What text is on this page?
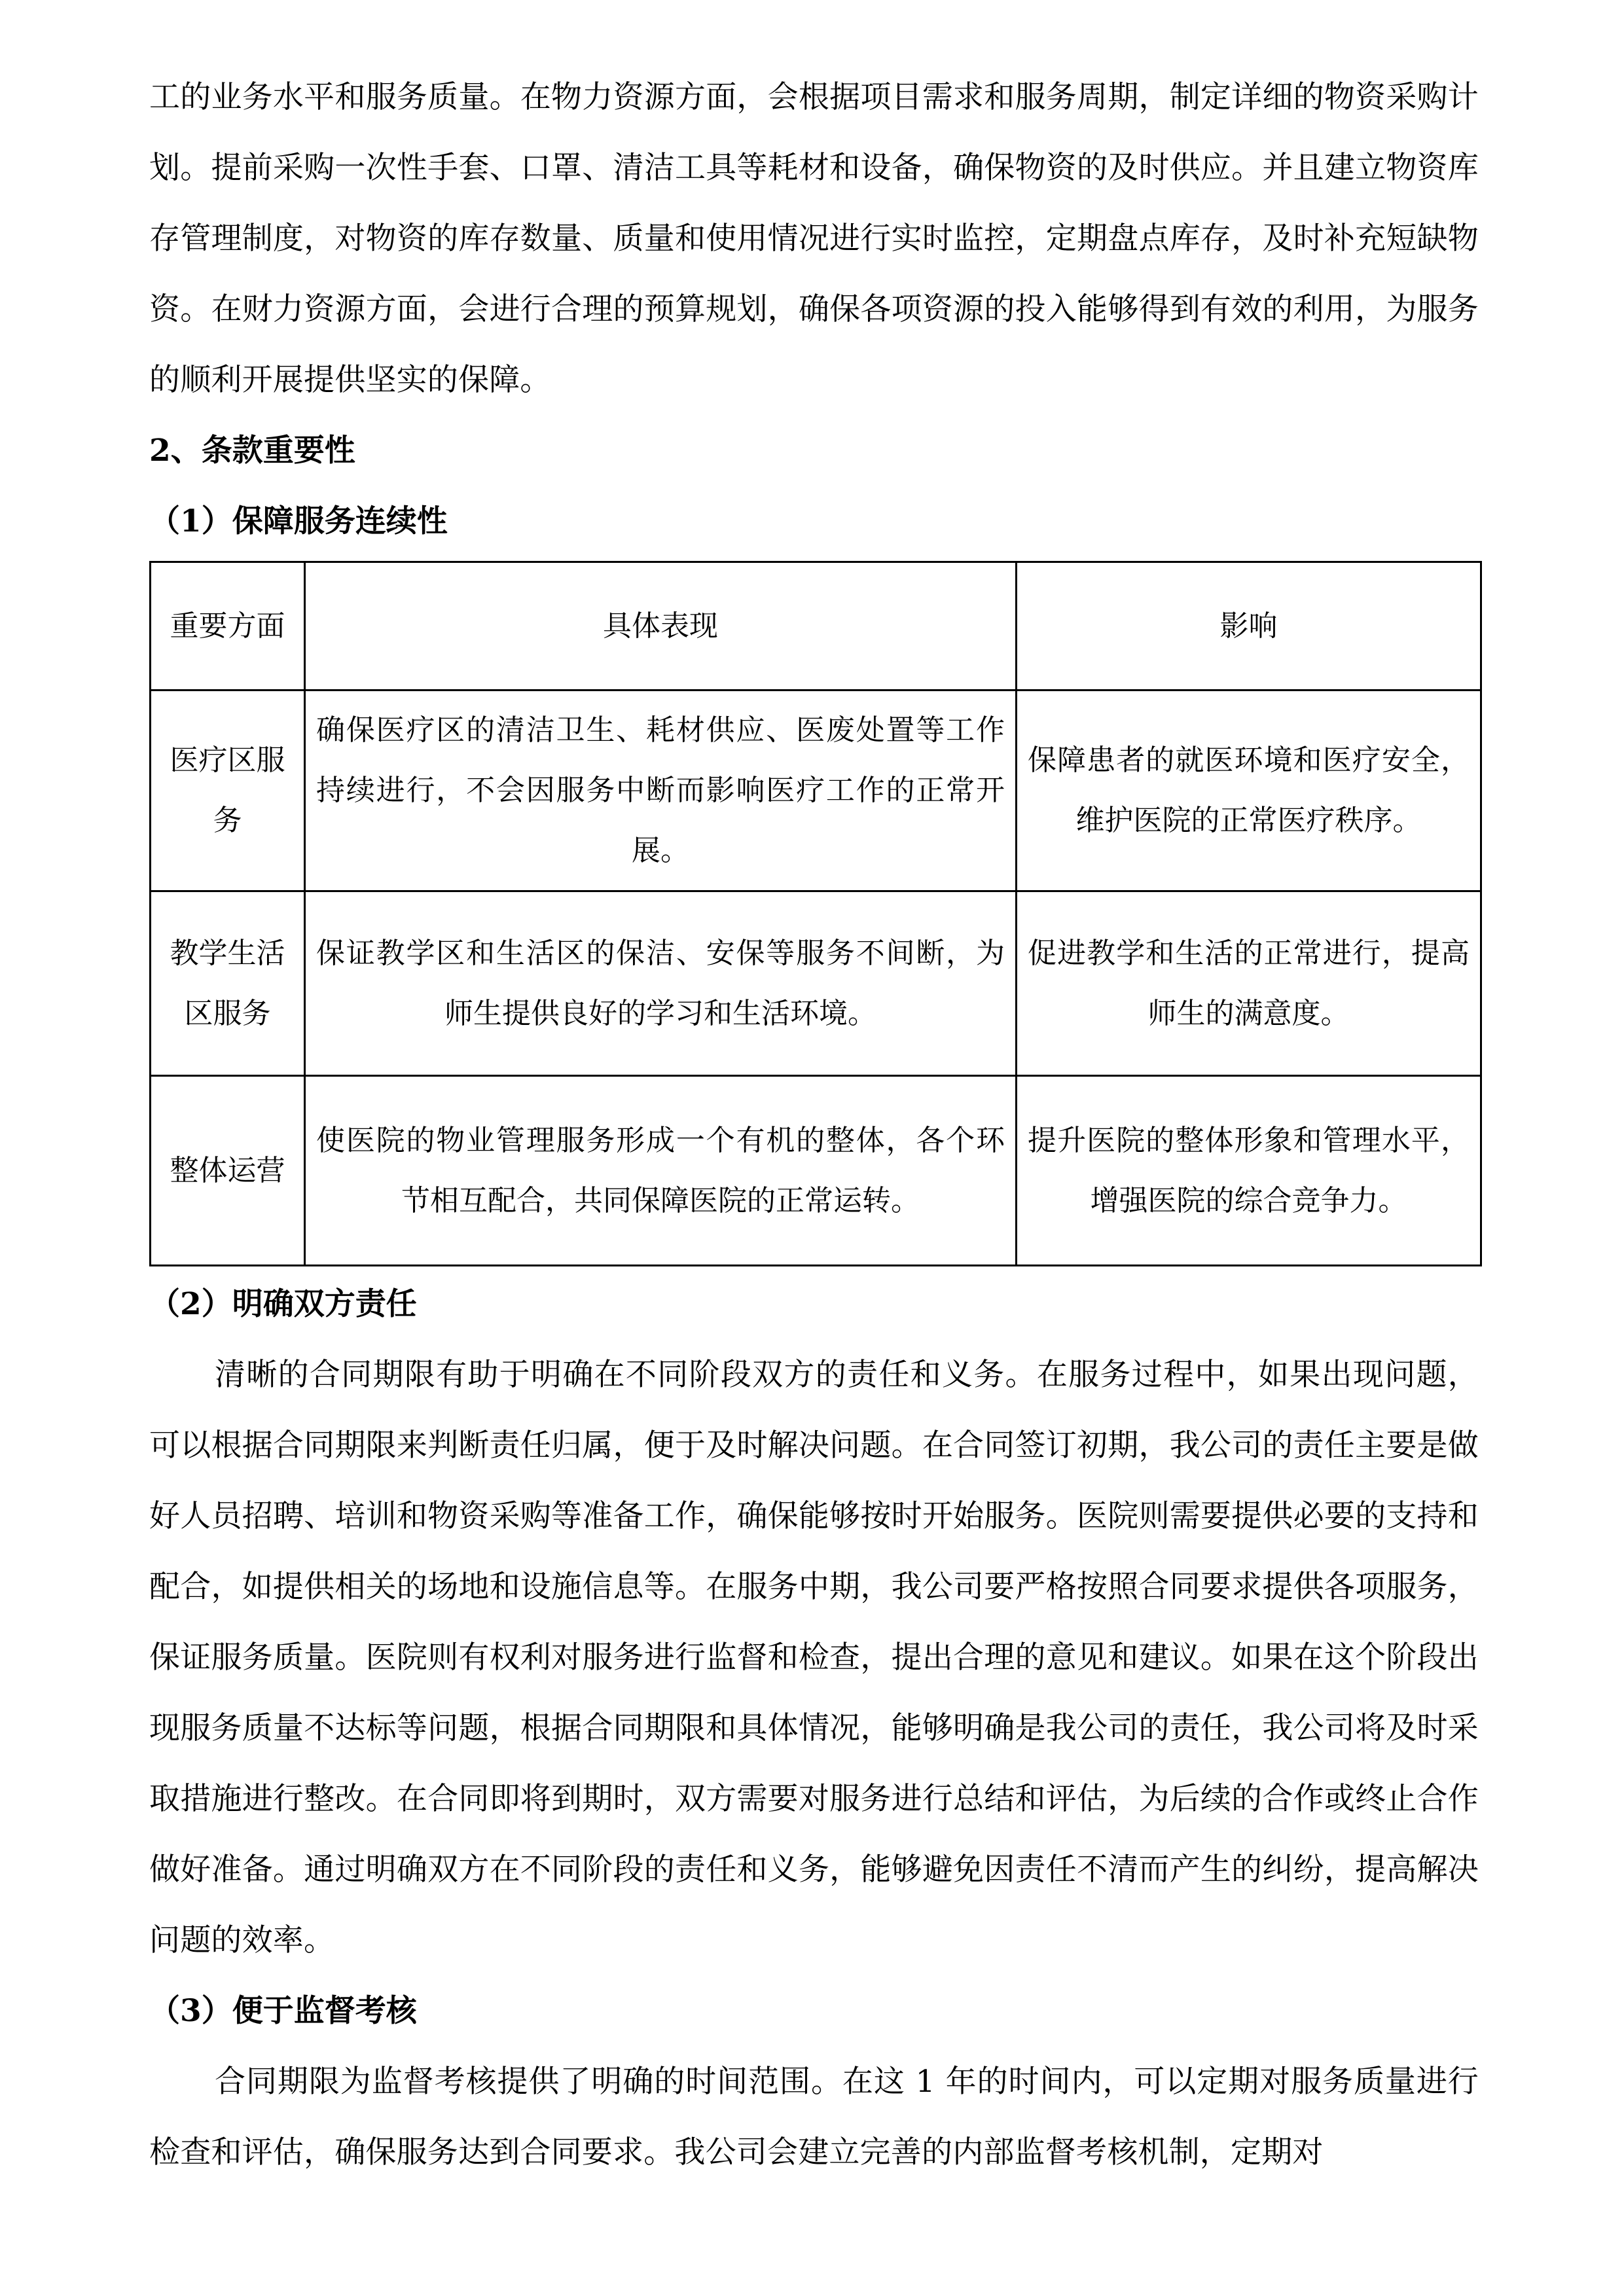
工的业务水平和服务质量。在物力资源方面，会根据项目需求和服务周期，制定详细的物资采购计划。提前采购一次性手套、口罩、清洁工具等耗材和设备，确保物资的及时供应。并且建立物资库存管理制度，对物资的库存数量、质量和使用情况进行实时监控，定期盘点库存，及时补充短缺物资。在财力资源方面，会进行合理的预算规划，确保各项资源的投入能够得到有效的利用，为服务的顺利开展提供坚实的保障。

2、条款重要性

（1）保障服务连续性

重要方面	具体表现	影响

医疗区服务	确保医疗区的清洁卫生、耗材供应、医废处置等工作持续进行，不会因服务中断而影响医疗工作的正常开展。	保障患者的就医环境和医疗安全，维护医院的正常医疗秩序。

教学生活区服务	保证教学区和生活区的保洁、安保等服务不间断，为师生提供良好的学习和生活环境。	促进教学和生活的正常进行，提高师生的满意度。

整体运营	使医院的物业管理服务形成一个有机的整体，各个环节相互配合，共同保障医院的正常运转。	提升医院的整体形象和管理水平，增强医院的综合竞争力。

（2）明确双方责任

清晰的合同期限有助于明确在不同阶段双方的责任和义务。在服务过程中，如果出现问题，可以根据合同期限来判断责任归属，便于及时解决问题。在合同签订初期，我公司的责任主要是做好人员招聘、培训和物资采购等准备工作，确保能够按时开始服务。医院则需要提供必要的支持和配合，如提供相关的场地和设施信息等。在服务中期，我公司要严格按照合同要求提供各项服务，保证服务质量。医院则有权利对服务进行监督和检查，提出合理的意见和建议。如果在这个阶段出现服务质量不达标等问题，根据合同期限和具体情况，能够明确是我公司的责任，我公司将及时采取措施进行整改。在合同即将到期时，双方需要对服务进行总结和评估，为后续的合作或终止合作做好准备。通过明确双方在不同阶段的责任和义务，能够避免因责任不清而产生的纠纷，提高解决问题的效率。

（3）便于监督考核

合同期限为监督考核提供了明确的时间范围。在这 1 年的时间内，可以定期对服务质量进行检查和评估，确保服务达到合同要求。我公司会建立完善的内部监督考核机制，定期对
